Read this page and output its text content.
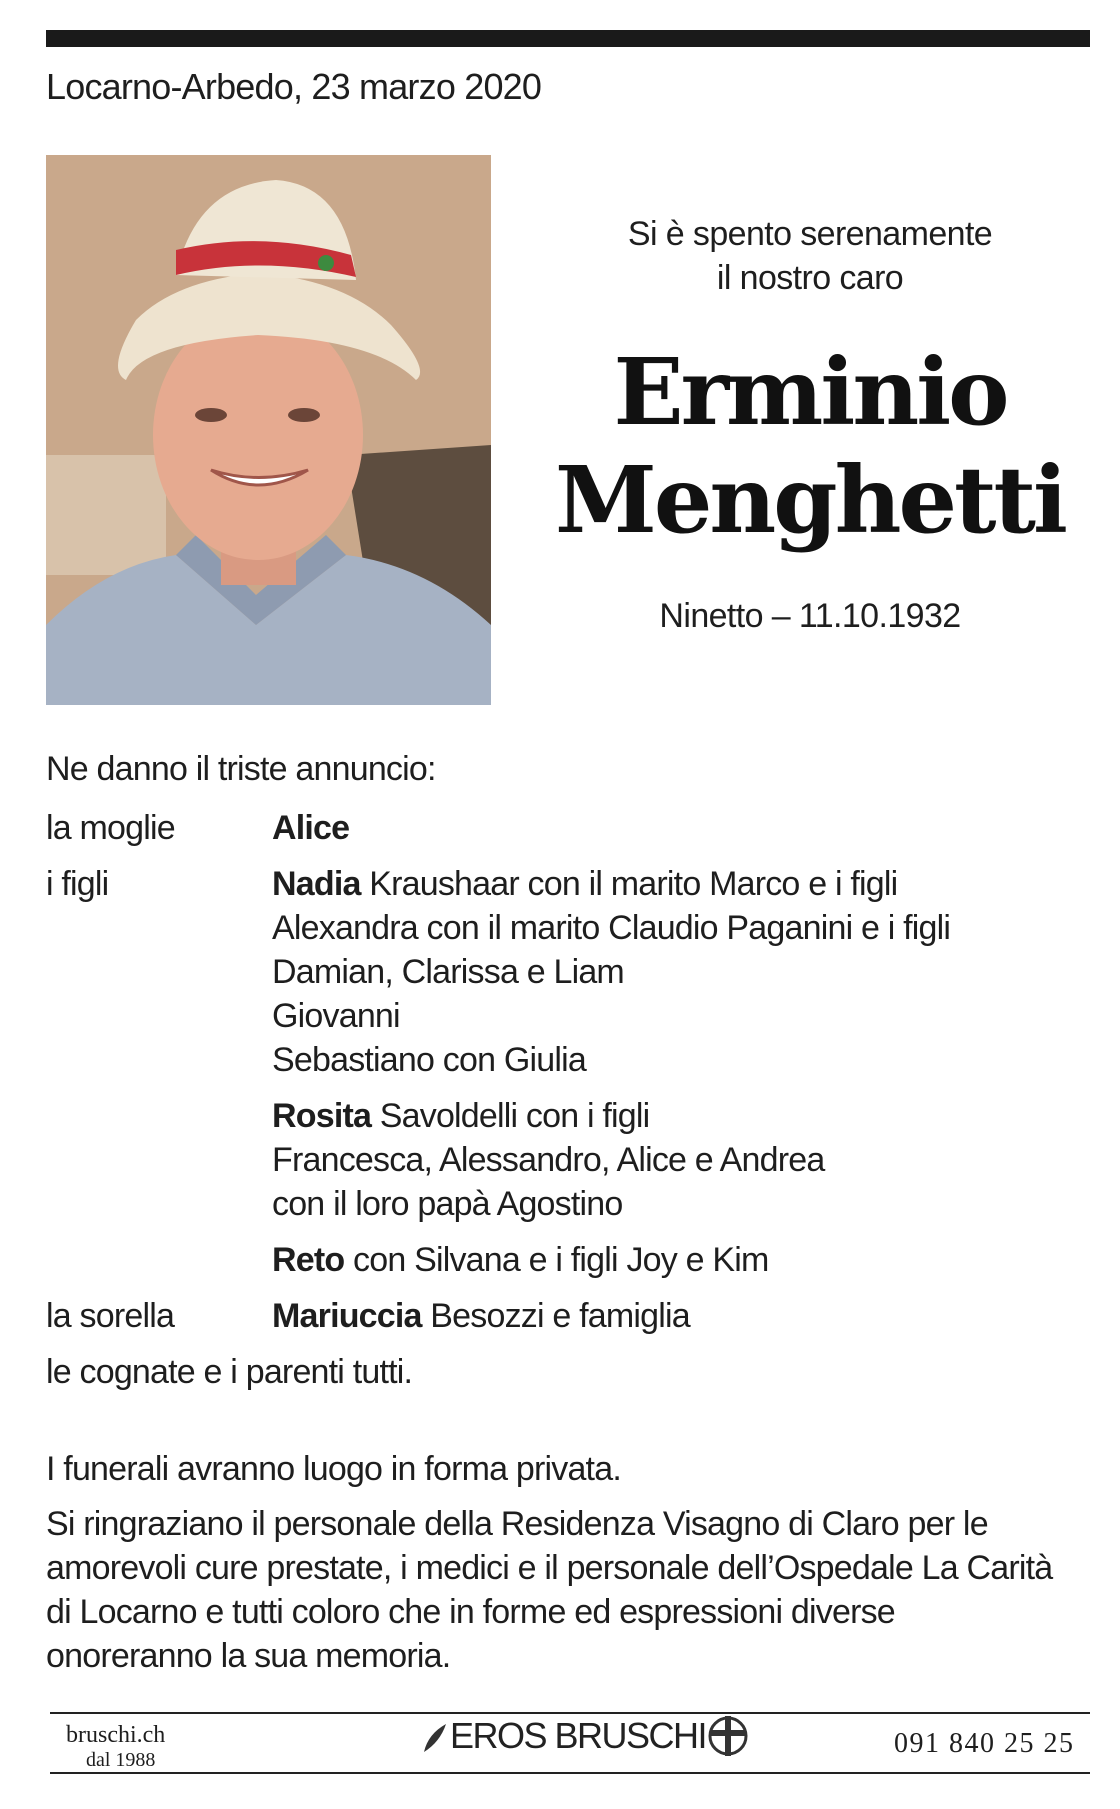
Locarno-Arbedo, 23 marzo 2020
Si è spento serenamente
il nostro caro
Erminio
Menghetti
Ninetto – 11.10.1932
Ne danno il triste annuncio:
la moglie	Alice
i figli	Nadia Kraushaar con il marito Marco e i figli
Alexandra con il marito Claudio Paganini e i figli
Damian, Clarissa e Liam
Giovanni
Sebastiano con Giulia
Rosita Savoldelli con i figli
Francesca, Alessandro, Alice e Andrea
con il loro papà Agostino
Reto con Silvana e i figli Joy e Kim
la sorella	Mariuccia Besozzi e famiglia
le cognate e i parenti tutti.
I funerali avranno luogo in forma privata.
Si ringraziano il personale della Residenza Visagno di Claro per le
amorevoli cure prestate, i medici e il personale dell’Ospedale La Carità
di Locarno e tutti coloro che in forme ed espressioni diverse
onoreranno la sua memoria.
bruschi.ch
dal 1988
EROS BRUSCHI	091 840 25 25
